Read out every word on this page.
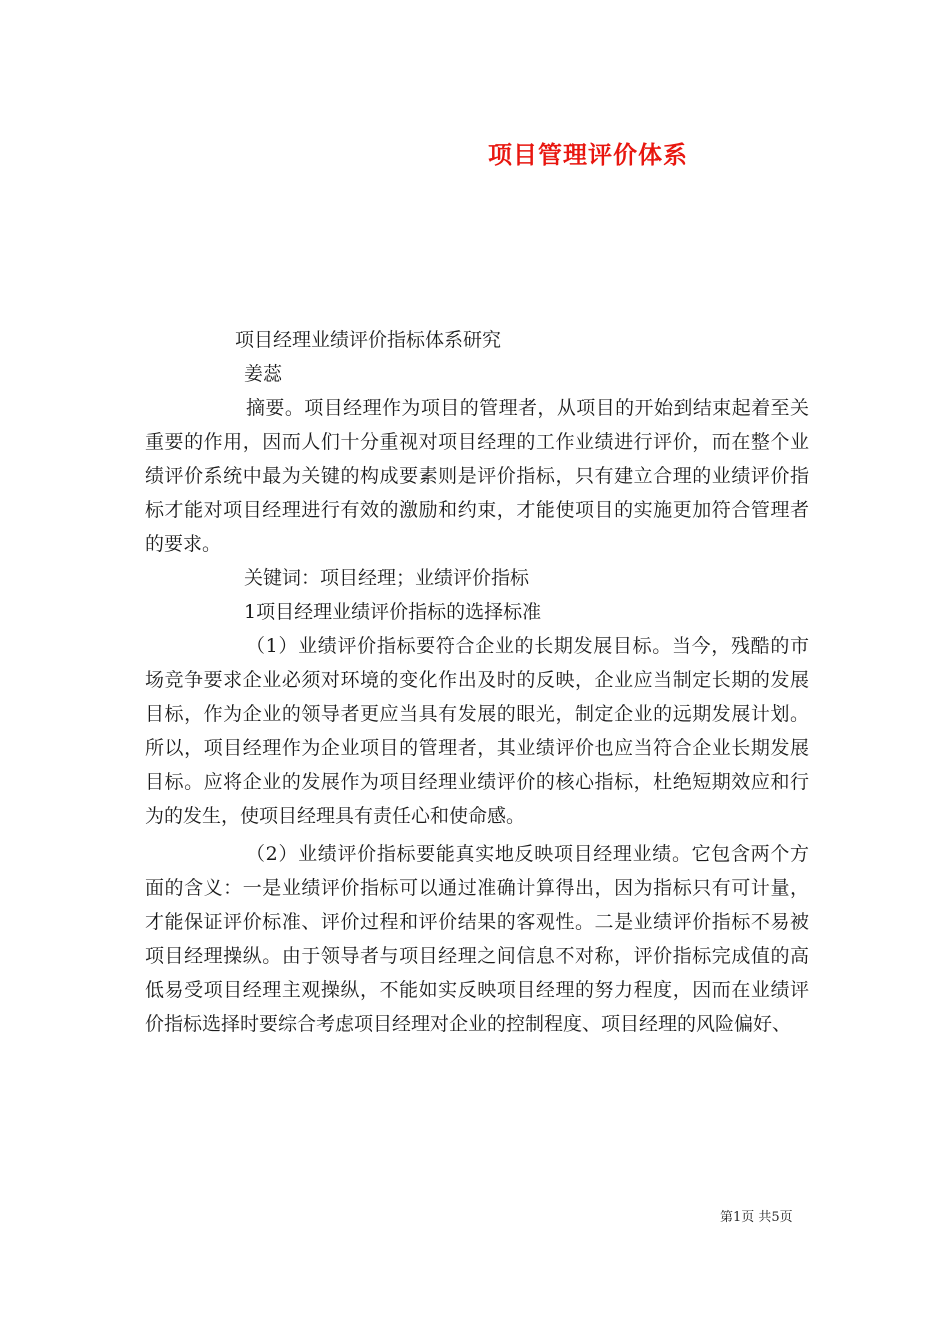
项目管理评价体系

项目经理业绩评价指标体系研究

姜蕊

摘要。项目经理作为项目的管理者，从项目的开始到结束起着至关重要的作用，因而人们十分重视对项目经理的工作业绩进行评价，而在整个业绩评价系统中最为关键的构成要素则是评价指标，只有建立合理的业绩评价指标才能对项目经理进行有效的激励和约束，才能使项目的实施更加符合管理者的要求。

关键词：项目经理；业绩评价指标

1项目经理业绩评价指标的选择标准

（1）业绩评价指标要符合企业的长期发展目标。当今，残酷的市场竞争要求企业必须对环境的变化作出及时的反映，企业应当制定长期的发展目标，作为企业的领导者更应当具有发展的眼光，制定企业的远期发展计划。所以，项目经理作为企业项目的管理者，其业绩评价也应当符合企业长期发展目标。应将企业的发展作为项目经理业绩评价的核心指标，杜绝短期效应和行为的发生，使项目经理具有责任心和使命感。

（2）业绩评价指标要能真实地反映项目经理业绩。它包含两个方面的含义：一是业绩评价指标可以通过准确计算得出，因为指标只有可计量，才能保证评价标准、评价过程和评价结果的客观性。二是业绩评价指标不易被项目经理操纵。由于领导者与项目经理之间信息不对称，评价指标完成值的高低易受项目经理主观操纵，不能如实反映项目经理的努力程度，因而在业绩评价指标选择时要综合考虑项目经理对企业的控制程度、项目经理的风险偏好、

第1页 共5页
